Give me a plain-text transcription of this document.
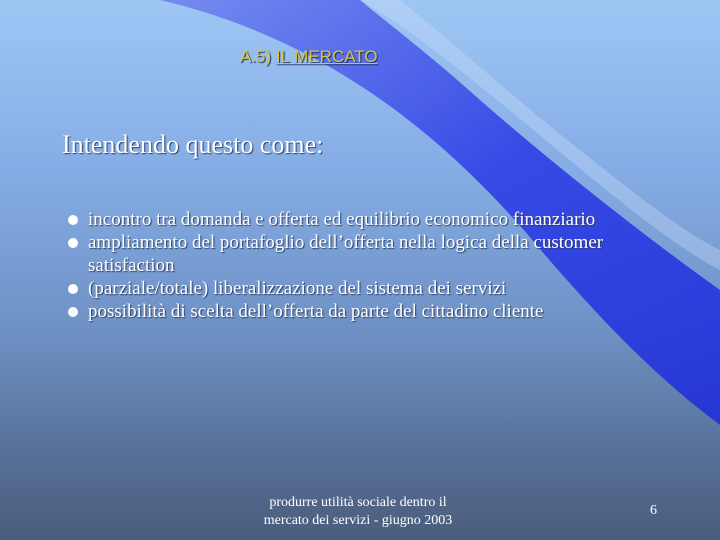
A.5) IL MERCATO
Intendendo questo come:
incontro tra domanda e offerta ed equilibrio economico finanziario
ampliamento del portafoglio dell’offerta nella logica della customer satisfaction
(parziale/totale) liberalizzazione del sistema dei servizi
possibilità di scelta dell’offerta da parte del cittadino cliente
produrre utilità sociale dentro il
mercato dei servizi - giugno 2003
6
